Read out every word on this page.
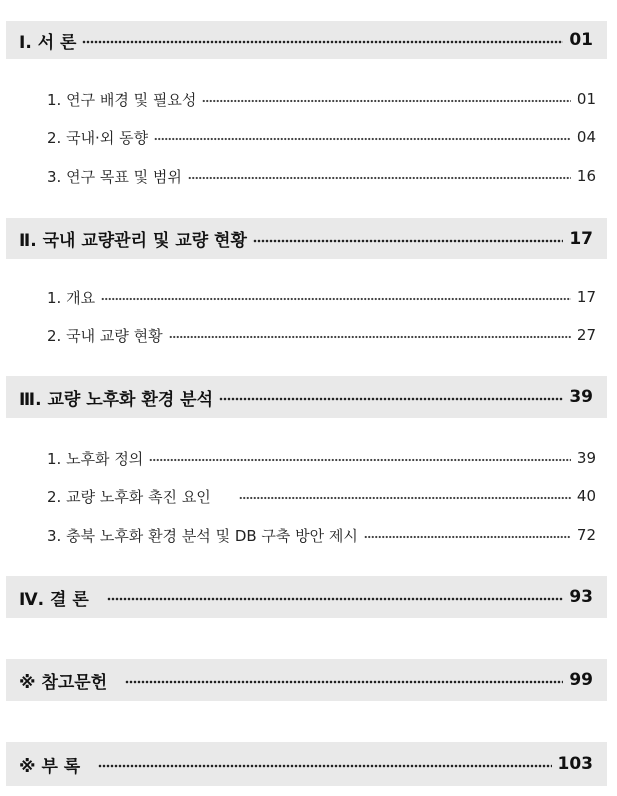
Ⅰ. 서 론	01
1. 연구 배경 및 필요성	01
2. 국내·외 동향	04
3. 연구 목표 및 범위	16
Ⅱ. 국내 교량관리 및 교량 현황	17
1. 개요	17
2. 국내 교량 현황	27
Ⅲ. 교량 노후화 환경 분석	39
1. 노후화 정의	39
2. 교량 노후화 촉진 요인	40
3. 충북 노후화 환경 분석 및 DB 구축 방안 제시	72
Ⅳ. 결 론	93
※ 참고문헌	99
※ 부 록	103
